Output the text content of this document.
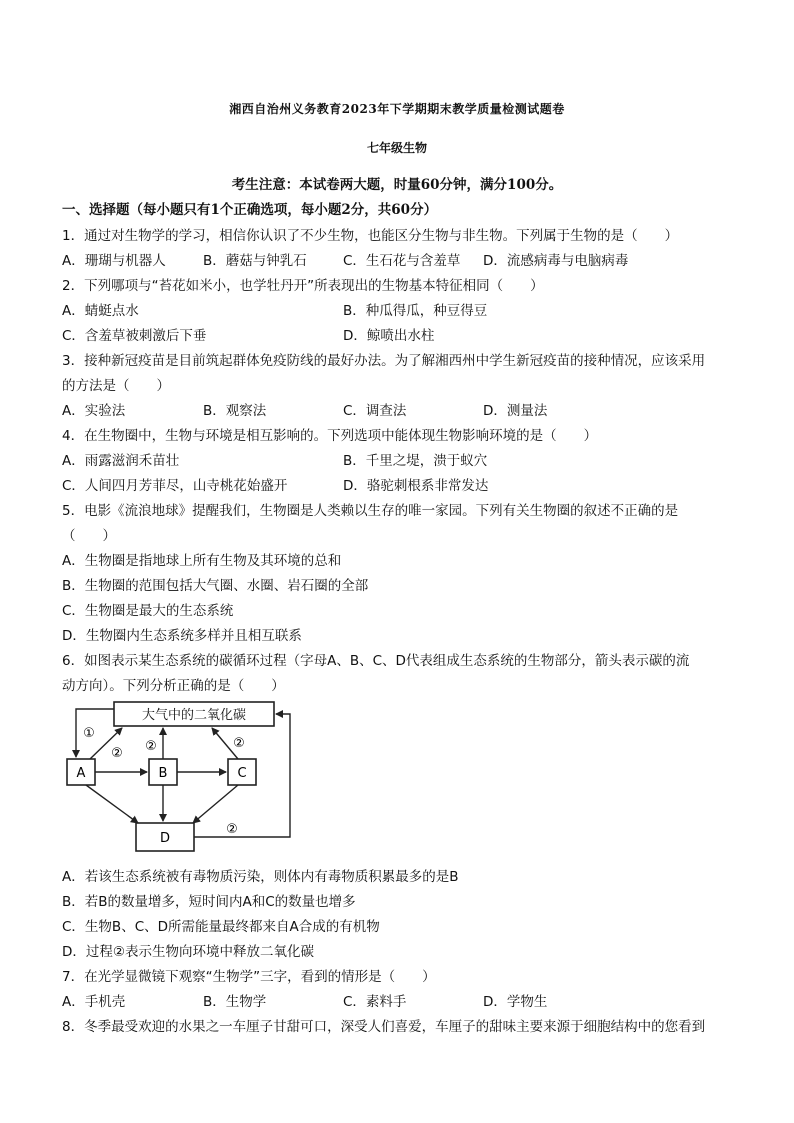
湘西自治州义务教育2023年下学期期末教学质量检测试题卷
七年级生物
考生注意：本试卷两大题，时量60分钟，满分100分。
一、选择题（每小题只有1个正确选项，每小题2分，共60分）
1．通过对生物学的学习，相信你认识了不少生物，也能区分生物与非生物。下列属于生物的是（　　）
A．珊瑚与机器人	B．蘑菇与钟乳石	C．生石花与含羞草 D．流感病毒与电脑病毒
2．下列哪项与“苔花如米小，也学牡丹开”所表现出的生物基本特征相同（　　）
A．蜻蜓点水	B．种瓜得瓜，种豆得豆
C．含羞草被刺激后下垂	D．鲸喷出水柱
3．接种新冠疫苗是目前筑起群体免疫防线的最好办法。为了解湘西州中学生新冠疫苗的接种情况，应该采用
的方法是（　　）
A．实验法	B．观察法	C．调查法	D．测量法
4．在生物圈中，生物与环境是相互影响的。下列选项中能体现生物影响环境的是（　　）
A．雨露滋润禾苗壮	B．千里之堤，溃于蚁穴
C．人间四月芳菲尽，山寺桃花始盛开	D．骆驼刺根系非常发达
5．电影《流浪地球》提醒我们，生物圈是人类赖以生存的唯一家园。下列有关生物圈的叙述不正确的是
（　　）
A．生物圈是指地球上所有生物及其环境的总和
B．生物圈的范围包括大气圈、水圈、岩石圈的全部
C．生物圈是最大的生态系统
D．生物圈内生态系统多样并且相互联系
6．如图表示某生态系统的碳循环过程（字母A、B、C、D代表组成生态系统的生物部分，箭头表示碳的流
动方向）。下列分析正确的是（　　）
大气中的二氧化碳
A	B	C
D
①
② ②	②
②
A．若该生态系统被有毒物质污染，则体内有毒物质积累最多的是B
B．若B的数量增多，短时间内A和C的数量也增多
C．生物B、C、D所需能量最终都来自A合成的有机物
D．过程②表示生物向环境中释放二氧化碳
7．在光学显微镜下观察“生物学”三字，看到的情形是（　　）
A．手机壳	B．生物学	C．素料手	D．学物生
8．冬季最受欢迎的水果之一车厘子甘甜可口，深受人们喜爱，车厘子的甜味主要来源于细胞结构中的您看到
